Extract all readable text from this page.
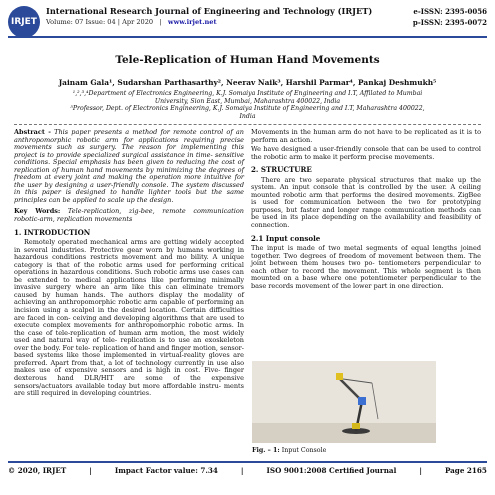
IRJET
International Research Journal of Engineering and Technology (IRJET)
Volume: 07 Issue: 04 | Apr 2020   |   www.irjet.net
e-ISSN: 2395-0056
p-ISSN: 2395-0072
Tele-Replication of Human Hand Movements
Jainam Gala¹, Sudarshan Parthasarthy², Neerav Naik³, Harshil Parmar⁴, Pankaj Deshmukh⁵
¹,²,³,⁴Department of Electronics Engineering, K.J. Somaiya Institute of Engineering and I.T, Affilated to Mumbai University, Sion East, Mumbai, Maharashtra 400022, India
⁵Professor, Dept. of Electronics Engineering, K.J. Somaiya Institute of Engineering and I.T, Maharashtra 400022, India
Abstract - This paper presents a method for remote control of an anthropomorphic robotic arm for applications requiring precise movements such as surgery. The reason for implementing this project is to provide specialized surgical assistance in time- sensitive conditions. Special emphasis has been given to reducing the cost of replication of human hand movements by minimizing the degrees of freedom at every joint and making the operation more intuitive for the user by designing a user-friendly console. The system discussed in this paper is designed to handle lighter tools but the same principles can be applied to scale up the design.
Key Words: Tele-replication, zig-bee, remote communication robotic-arm, replication movements
1. INTRODUCTION
Remotely operated mechanical arms are getting widely accepted in several industries. Protective gear worn by humans working in hazardous conditions restricts movement and mo bility. A unique category is that of the robotic arms used for performing critical operations in hazardous conditions. Such robotic arms use cases can be extended to medical applications like performing minimally invasive surgery where an arm like this can eliminate tremors caused by human hands. The authors display the modality of achieving an anthropomorphic robotic arm capable of performing an incision using a scalpel in the desired location. Certain difficulties are faced in con- ceiving and developing algorithms that are used to execute complex movements for anthropomorphic robotic arms. In the case of tele-replication of human arm motion, the most widely used and natural way of tele- replication is to use an exoskeleton over the body. For tele- replication of hand and finger motion, sensor-based systems like those implemented in virtual-reality gloves are preferred. Apart from that, a lot of technology currently in use also makes use of expensive sensors and is high in cost. Five- finger dexterous hand DLR/HIT are some of the expensive sensors/actuators available today but more affordable instru- ments are still required in developing countries.
Movements in the human arm do not have to be replicated as it is to perform an action.
We have designed a user-friendly console that can be used to control the robotic arm to make it perform precise movements.
2. STRUCTURE
There are two separate physical structures that make up the system. An input console that is controlled by the user. A ceiling mounted robotic arm that performs the desired movements. ZigBee is used for communication between the two for prototyping purposes, but faster and longer range communication methods can be used in its place depending on the availability and feasibility of connection.
2.1 Input console
The input is made of two metal segments of equal lengths joined together. Two degrees of freedom of movement between them. The joint between them houses two po- tentiometers perpendicular to each other to record the movement. This whole segment is then mounted on a base where one potentiometer perpendicular to the base records movement of the lower part in one direction.
Fig. – 1: Input Console
© 2020, IRJET	|	Impact Factor value: 7.34	|	ISO 9001:2008 Certified Journal	|	Page 2165
